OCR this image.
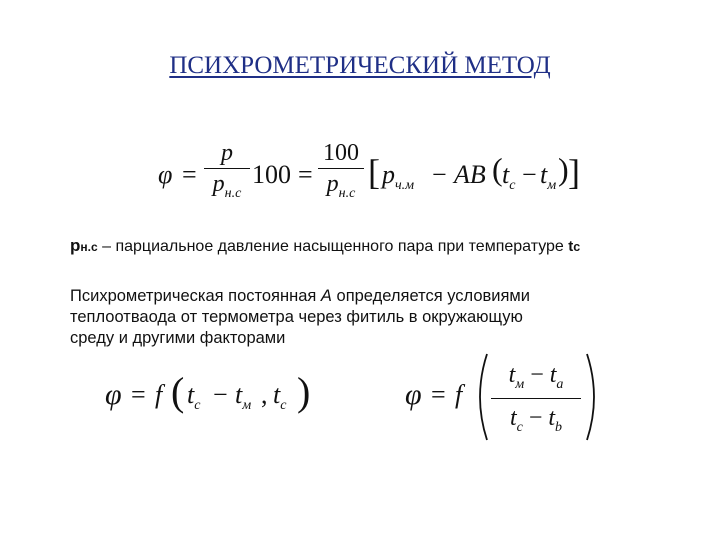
ПСИХРОМЕТРИЧЕСКИЙ МЕТОД
φ =
p
$p_{н.с}$
100 =
100
$p_{н.с}$
[ $p_{ч.м}$ − AB ( $t_с - t_м$ ) ]
pн.с – парциальное давление насыщенного пара при температуре tc
Психрометрическая постоянная А определяется условиями
теплоотваода от термометра через фитиль в окружающую
среду и другими факторами
φ = f ( $t_с - t_м$ , $t_с$ )	φ = f
$t_м - t_a$
$t_с - t_b$
